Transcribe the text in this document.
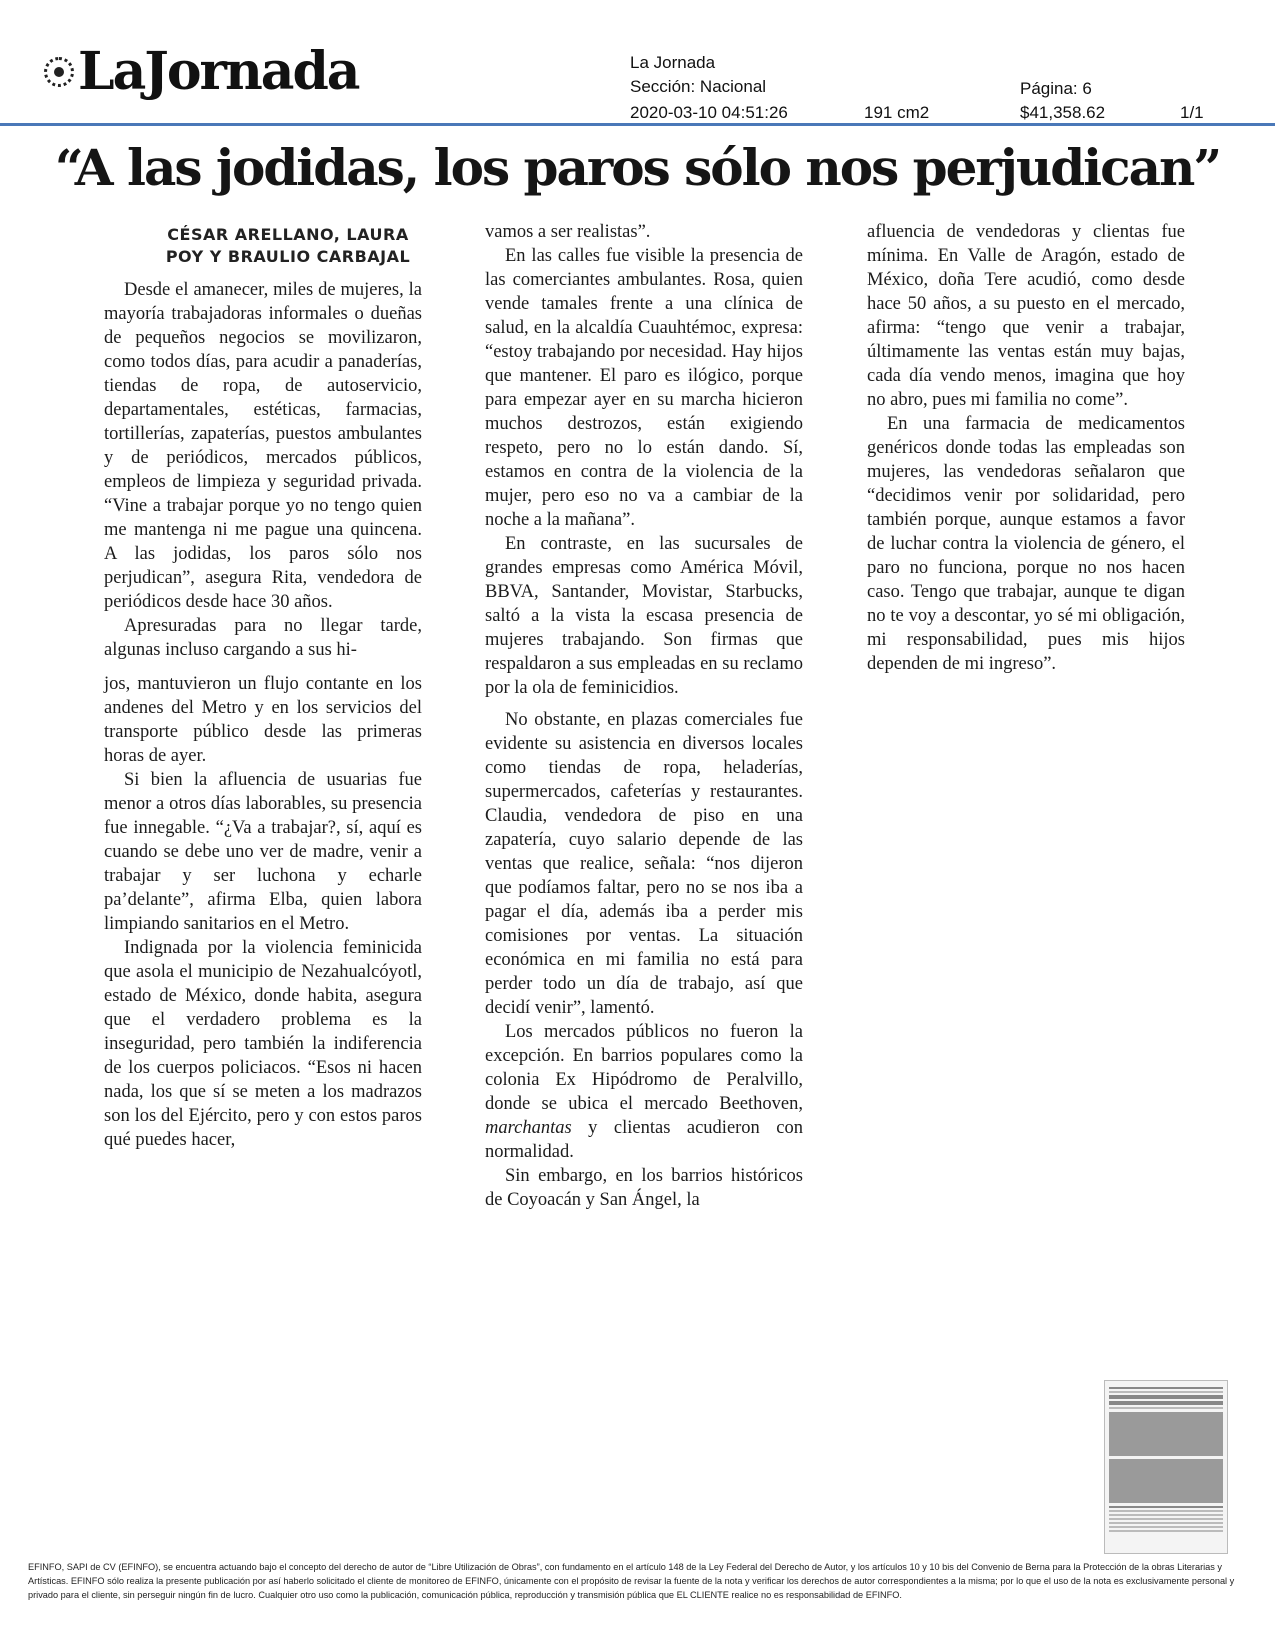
LaJornada	La Jornada
Sección: Nacional	Página: 6
2020-03-10 04:51:26	191 cm2	$41,358.62	1/1
“A las jodidas, los paros sólo nos perjudican”
CÉSAR ARELLANO, LAURA POY Y BRAULIO CARBAJAL

Desde el amanecer, miles de mujeres, la mayoría trabajadoras informales o dueñas de pequeños negocios se movilizaron, como todos días, para acudir a panaderías, tiendas de ropa, de autoservicio, departamentales, estéticas, farmacias, tortillerías, zapaterías, puestos ambulantes y de periódicos, mercados públicos, empleos de limpieza y seguridad privada. “Vine a trabajar porque yo no tengo quien me mantenga ni me pague una quincena. A las jodidas, los paros sólo nos perjudican”, asegura Rita, vendedora de periódicos desde hace 30 años.

Apresuradas para no llegar tarde, algunas incluso cargando a sus hi-

jos, mantuvieron un flujo contante en los andenes del Metro y en los servicios del transporte público desde las primeras horas de ayer.

Si bien la afluencia de usuarias fue menor a otros días laborables, su presencia fue innegable. “¿Va a trabajar?, sí, aquí es cuando se debe uno ver de madre, venir a trabajar y ser luchona y echarle pa’delante”, afirma Elba, quien labora limpiando sanitarios en el Metro.

Indignada por la violencia feminicida que asola el municipio de Nezahualcóyotl, estado de México, donde habita, asegura que el verdadero problema es la inseguridad, pero también la indiferencia de los cuerpos policiacos. “Esos ni hacen nada, los que sí se meten a los madrazos son los del Ejército, pero y con estos paros qué puedes hacer,

vamos a ser realistas”.

En las calles fue visible la presencia de las comerciantes ambulantes. Rosa, quien vende tamales frente a una clínica de salud, en la alcaldía Cuauhtémoc, expresa: “estoy trabajando por necesidad. Hay hijos que mantener. El paro es ilógico, porque para empezar ayer en su marcha hicieron muchos destrozos, están exigiendo respeto, pero no lo están dando. Sí, estamos en contra de la violencia de la mujer, pero eso no va a cambiar de la noche a la mañana”.

En contraste, en las sucursales de grandes empresas como América Móvil, BBVA, Santander, Movistar, Starbucks, saltó a la vista la escasa presencia de mujeres trabajando. Son firmas que respaldaron a sus empleadas en su reclamo por la ola de feminicidios.

No obstante, en plazas comerciales fue evidente su asistencia en diversos locales como tiendas de ropa, heladerías, supermercados, cafeterías y restaurantes. Claudia, vendedora de piso en una zapatería, cuyo salario depende de las ventas que realice, señala: “nos dijeron que podíamos faltar, pero no se nos iba a pagar el día, además iba a perder mis comisiones por ventas. La situación económica en mi familia no está para perder todo un día de trabajo, así que decidí venir”, lamentó.

Los mercados públicos no fueron la excepción. En barrios populares como la colonia Ex Hipódromo de Peralvillo, donde se ubica el mercado Beethoven, marchantas y clientas acudieron con normalidad.

Sin embargo, en los barrios históricos de Coyoacán y San Ángel, la

afluencia de vendedoras y clientas fue mínima. En Valle de Aragón, estado de México, doña Tere acudió, como desde hace 50 años, a su puesto en el mercado, afirma: “tengo que venir a trabajar, últimamente las ventas están muy bajas, cada día vendo menos, imagina que hoy no abro, pues mi familia no come”.

En una farmacia de medicamentos genéricos donde todas las empleadas son mujeres, las vendedoras señalaron que “decidimos venir por solidaridad, pero también porque, aunque estamos a favor de luchar contra la violencia de género, el paro no funciona, porque no nos hacen caso. Tengo que trabajar, aunque te digan no te voy a descontar, yo sé mi obligación, mi responsabilidad, pues mis hijos dependen de mi ingreso”.

EFINFO, SAPI de CV (EFINFO), se encuentra actuando bajo el concepto del derecho de autor de “Libre Utilización de Obras”, con fundamento en el artículo 148 de la Ley Federal del Derecho de Autor, y los artículos 10 y 10 bis del Convenio de Berna para la Protección de la obras Literarias y Artísticas. EFINFO sólo realiza la presente publicación por así haberlo solicitado el cliente de monitoreo de EFINFO, únicamente con el propósito de revisar la fuente de la nota y verificar los derechos de autor correspondientes a la misma; por lo que el uso de la nota es exclusivamente personal y privado para el cliente, sin perseguir ningún fin de lucro. Cualquier otro uso como la publicación, comunicación pública, reproducción y transmisión pública que EL CLIENTE realice no es responsabilidad de EFINFO.
